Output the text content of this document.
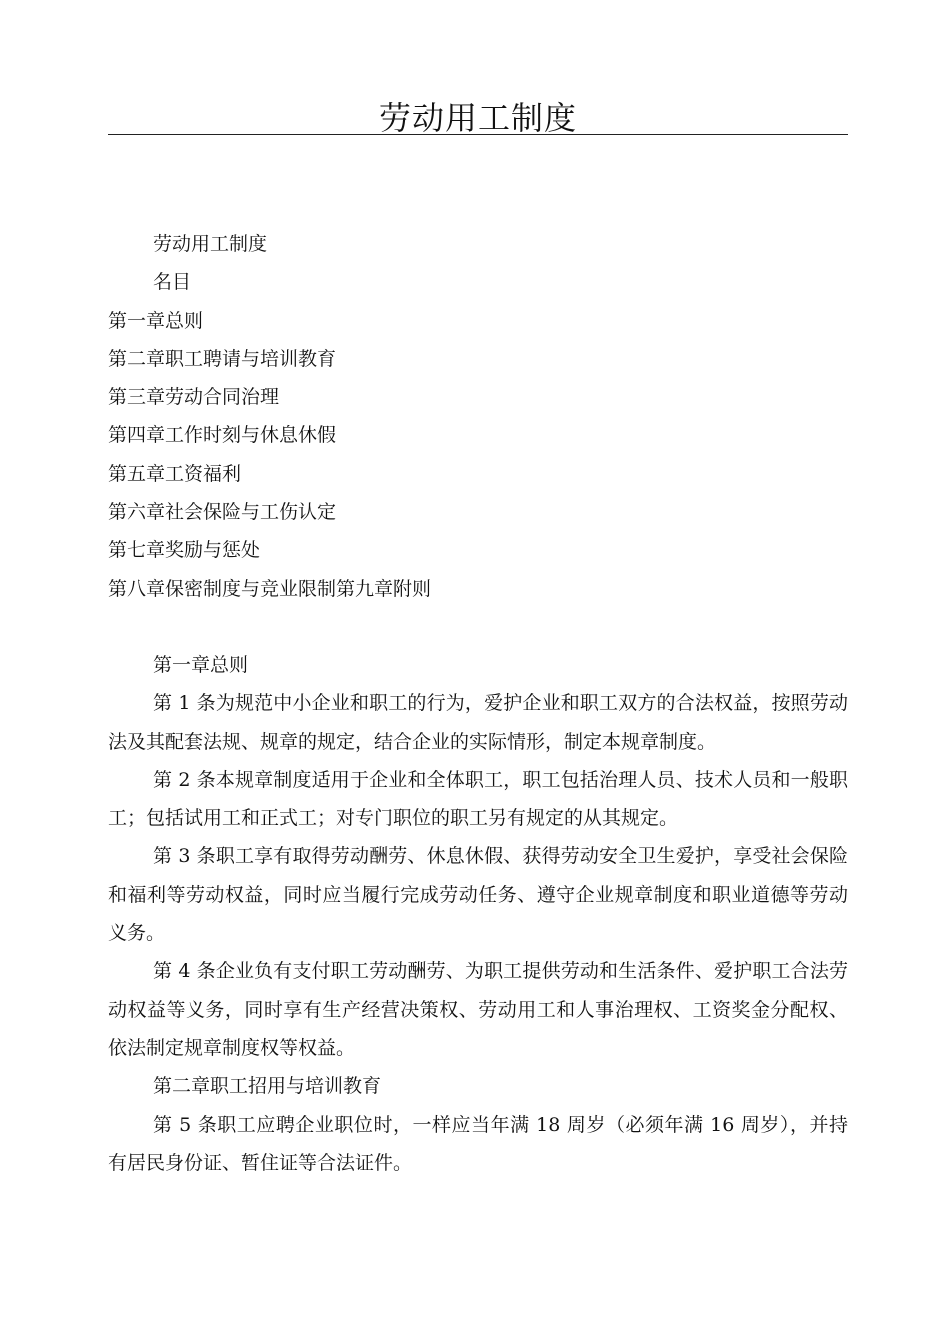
劳动用工制度

劳动用工制度

名目

第一章总则

第二章职工聘请与培训教育

第三章劳动合同治理

第四章工作时刻与休息休假

第五章工资福利

第六章社会保险与工伤认定

第七章奖励与惩处

第八章保密制度与竞业限制第九章附则

第一章总则

第 1 条为规范中小企业和职工的行为，爱护企业和职工双方的合法权益，按照劳动法及其配套法规、规章的规定，结合企业的实际情形，制定本规章制度。

第 2 条本规章制度适用于企业和全体职工，职工包括治理人员、技术人员和一般职工；包括试用工和正式工；对专门职位的职工另有规定的从其规定。

第 3 条职工享有取得劳动酬劳、休息休假、获得劳动安全卫生爱护，享受社会保险和福利等劳动权益，同时应当履行完成劳动任务、遵守企业规章制度和职业道德等劳动义务。

第 4 条企业负有支付职工劳动酬劳、为职工提供劳动和生活条件、爱护职工合法劳动权益等义务，同时享有生产经营决策权、劳动用工和人事治理权、工资奖金分配权、依法制定规章制度权等权益。

第二章职工招用与培训教育

第 5 条职工应聘企业职位时，一样应当年满 18 周岁（必须年满 16 周岁），并持有居民身份证、暂住证等合法证件。
